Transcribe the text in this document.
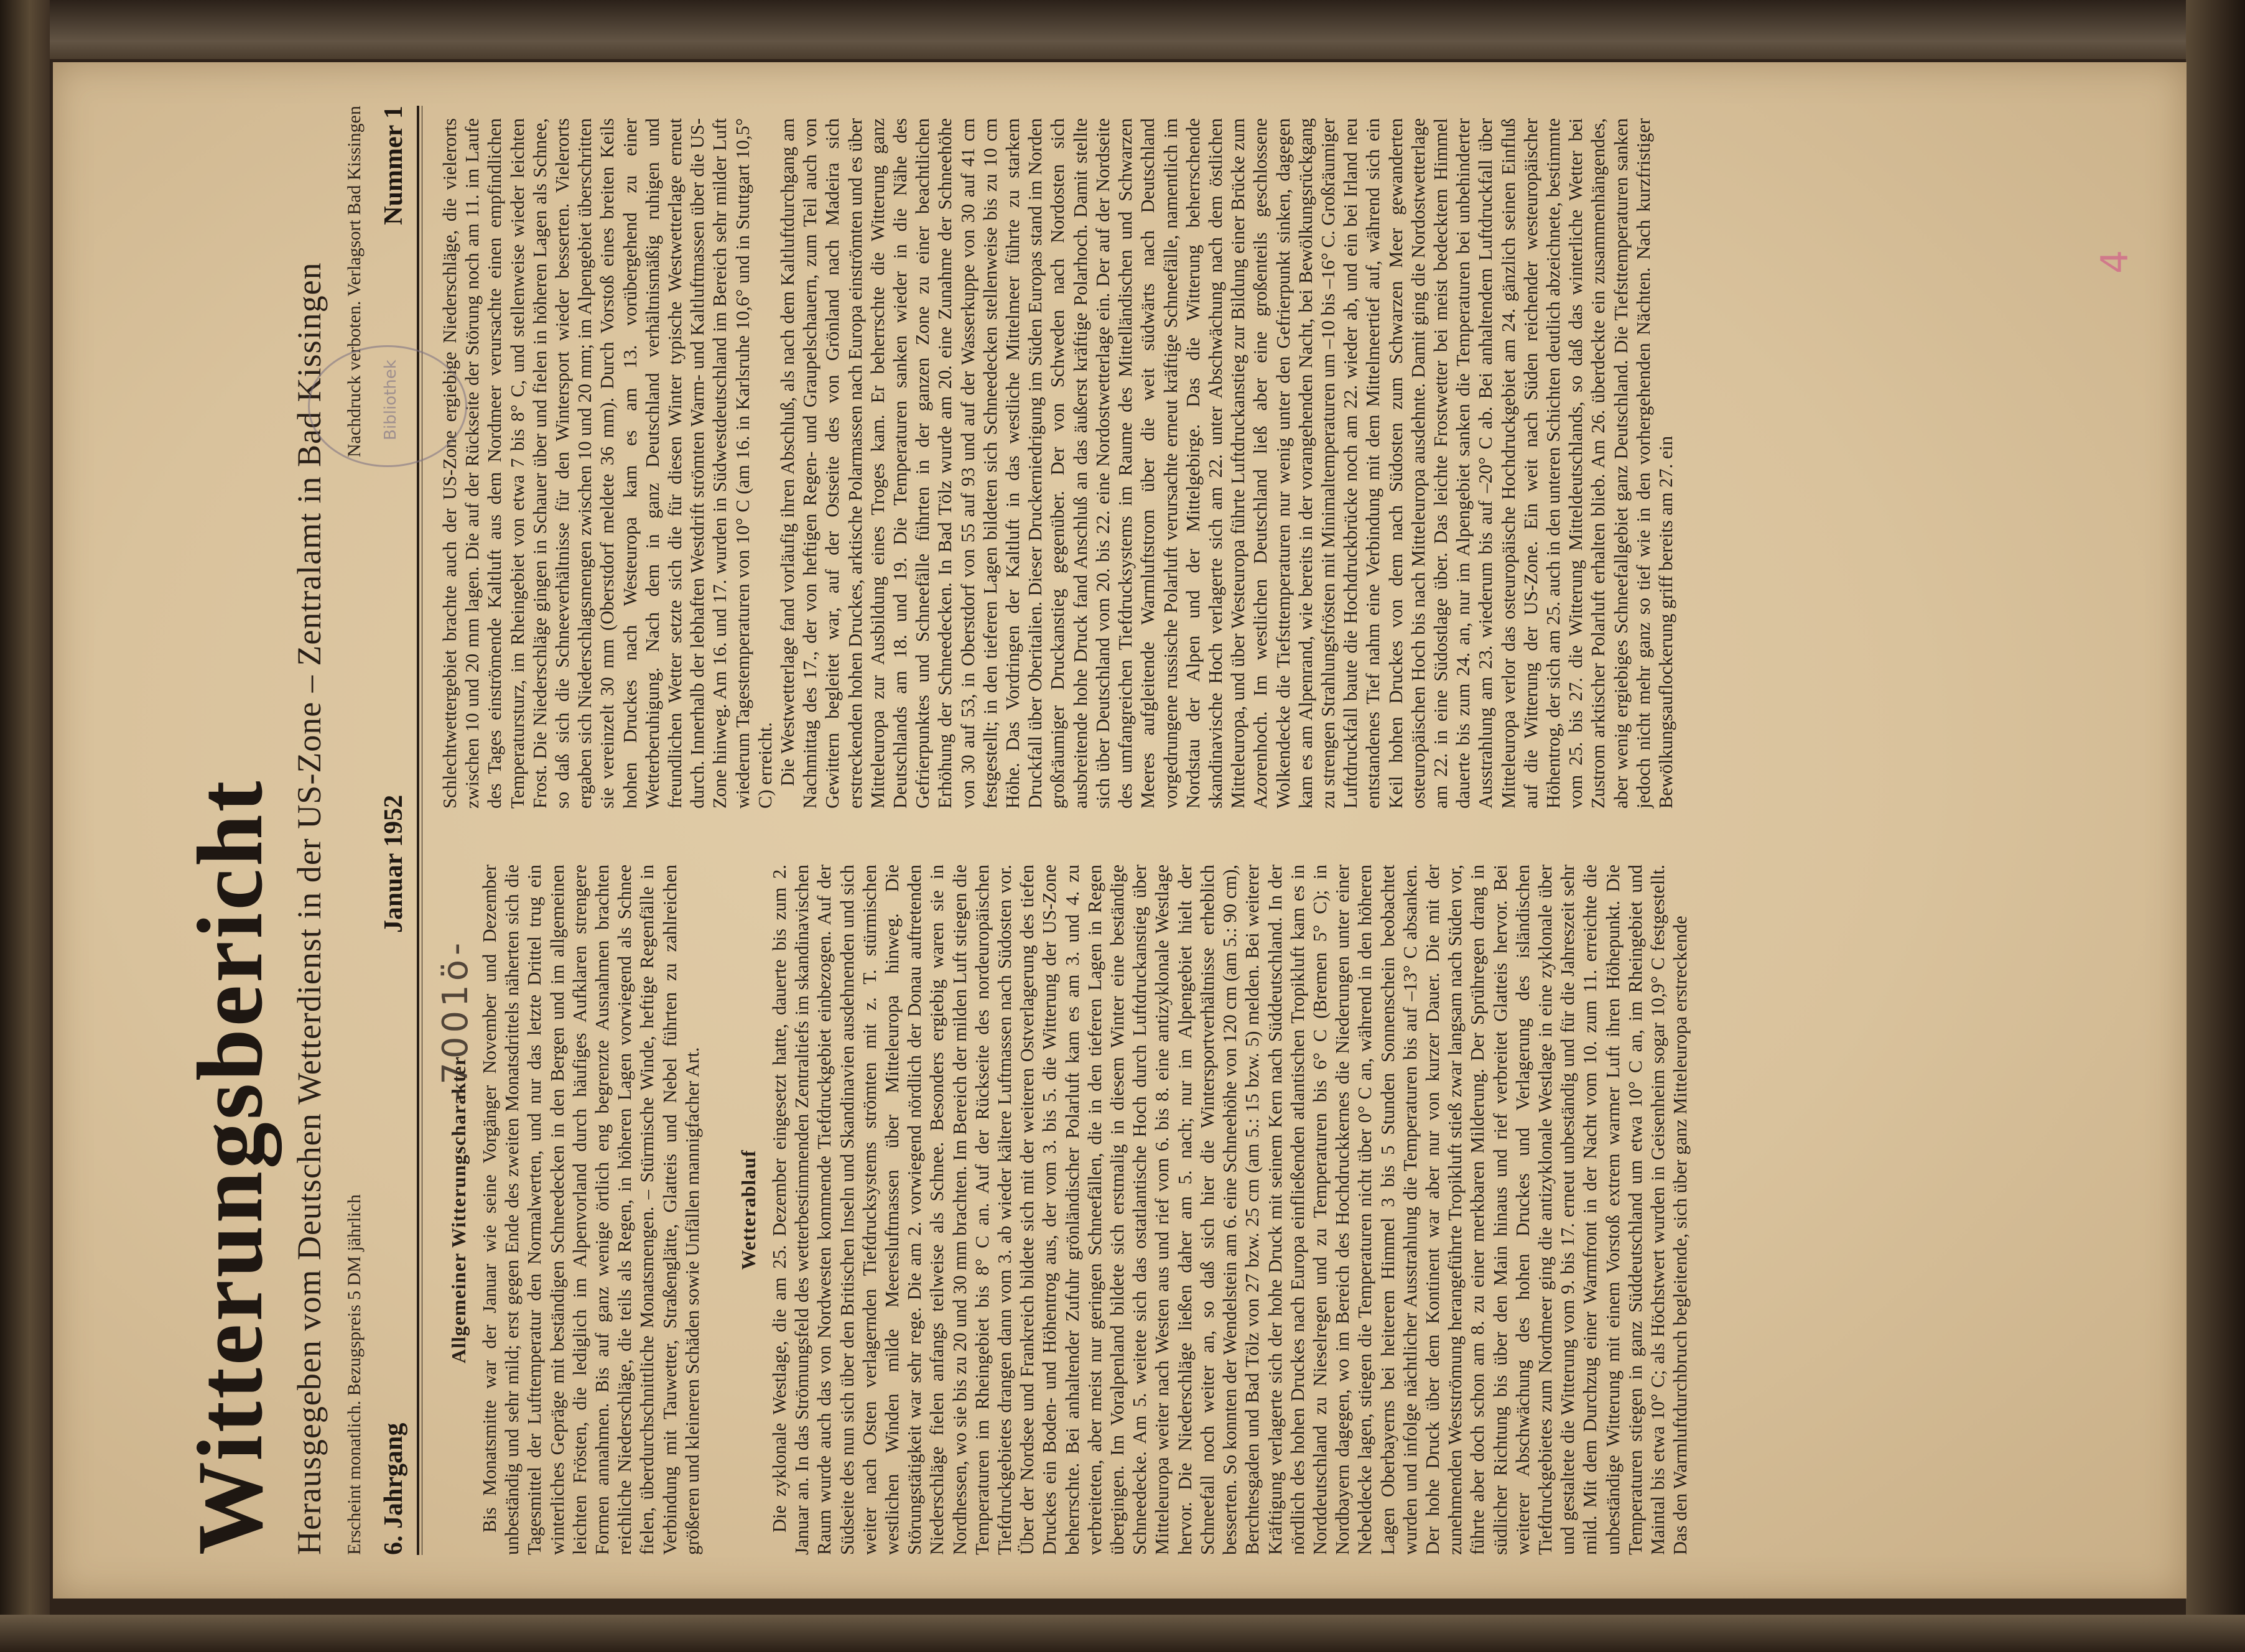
Witterungsbericht Herausgegeben vom Deutschen Wetterdienst in der US-Zone – Zentralamt in Bad Kissingen Erscheint monatlich. Bezugspreis 5 DM jährlich
Nachdruck verboten. Verlagsort Bad Kissingen
6. Jahrgang
Januar 1952
Nummer 1
Allgemeiner Witterungscharakter Bis Monatsmitte war der Januar wie seine Vorgänger November und Dezember unbeständig und sehr mild; erst gegen Ende des zweiten Monatsdrittels näherten sich die Tagesmittel der Lufttemperatur den Normalwerten, und nur das letzte Drittel trug ein winterliches Gepräge mit beständigen Schneedecken in den Bergen und im allgemeinen leichten Frösten, die lediglich im Alpenvorland durch häufiges Aufklaren strengere Formen annahmen. Bis auf ganz wenige örtlich eng begrenzte Ausnahmen brachten reichliche Niederschläge, die teils als Regen, in höheren Lagen vorwiegend als Schnee fielen, überdurchschnittliche Monatsmengen. – Stürmische Winde, heftige Regenfälle in Verbindung mit Tauwetter, Straßenglätte, Glatteis und Nebel führten zu zahlreichen größeren und kleineren Schäden sowie Unfällen mannigfacher Art. Wetterablauf Die zyklonale Westlage, die am 25. Dezember eingesetzt hatte, dauerte bis zum 2. Januar an. In das Strömungsfeld des wetterbestimmenden Zentraltiefs im skandinavischen Raum wurde auch das von Nordwesten kommende Tiefdruckgebiet einbezogen. Auf der Südseite des nun sich über den Britischen Inseln und Skandinavien ausdehnenden und sich weiter nach Osten verlagernden Tiefdrucksystems strömten mit z. T. stürmischen westlichen Winden milde Meeresluftmassen über Mitteleuropa hinweg. Die Störungstätigkeit war sehr rege. Die am 2. vorwiegend nördlich der Donau auftretenden Niederschläge fielen anfangs teilweise als Schnee. Besonders ergiebig waren sie in Nordhessen, wo sie bis zu 20 und 30 mm brachten. Im Bereich der milden Luft stiegen die Temperaturen im Rheingebiet bis 8° C an. Auf der Rückseite des nordeuropäischen Tiefdruckgebietes drangen dann vom 3. ab wieder kältere Luftmassen nach Südosten vor. Über der Nordsee und Frankreich bildete sich mit der weiteren Ostverlagerung des tiefen Druckes ein Boden- und Höhentrog aus, der vom 3. bis 5. die Witterung der US-Zone beherrschte. Bei anhaltender Zufuhr grönländischer Polarluft kam es am 3. und 4. zu verbreiteten, aber meist nur geringen Schneefällen, die in den tieferen Lagen in Regen übergingen. Im Voralpenland bildete sich erstmalig in diesem Winter eine beständige Schneedecke. Am 5. weitete sich das ostatlantische Hoch durch Luftdruckanstieg über Mitteleuropa weiter nach Westen aus und rief vom 6. bis 8. eine antizyklonale Westlage hervor. Die Niederschläge ließen daher am 5. nach; nur im Alpengebiet hielt der Schneefall noch weiter an, so daß sich hier die Wintersportverhältnisse erheblich besserten. So konnten der Wendelstein am 6. eine Schneehöhe von 120 cm (am 5.: 90 cm), Berchtesgaden und Bad Tölz von 27 bzw. 25 cm (am 5.: 15 bzw. 5) melden. Bei weiterer Kräftigung verlagerte sich der hohe Druck mit seinem Kern nach Süddeutschland. In der nördlich des hohen Druckes nach Europa einfließenden atlantischen Tropikluft kam es in Norddeutschland zu Nieselregen und zu Temperaturen bis 6° C (Bremen 5° C); in Nordbayern dagegen, wo im Bereich des Hochdruckkernes die Niederungen unter einer Nebeldecke lagen, stiegen die Temperaturen nicht über 0° C an, während in den höheren Lagen Oberbayerns bei heiterem Himmel 3 bis 5 Stunden Sonnenschein beobachtet wurden und infolge nächtlicher Ausstrahlung die Temperaturen bis auf –13° C absanken. Der hohe Druck über dem Kontinent war aber nur von kurzer Dauer. Die mit der zunehmenden Westströmung herangeführte Tropikluft stieß zwar langsam nach Süden vor, führte aber doch schon am 8. zu einer merkbaren Milderung. Der Sprühregen drang in südlicher Richtung bis über den Main hinaus und rief verbreitet Glatteis hervor. Bei weiterer Abschwächung des hohen Druckes und Verlagerung des isländischen Tiefdruckgebietes zum Nordmeer ging die antizyklonale Westlage in eine zyklonale über und gestaltete die Witterung vom 9. bis 17. erneut unbeständig und für die Jahreszeit sehr mild. Mit dem Durchzug einer Warmfront in der Nacht vom 10. zum 11. erreichte die unbeständige Witterung mit einem Vorstoß extrem warmer Luft ihren Höhepunkt. Die Temperaturen stiegen in ganz Süddeutschland um etwa 10° C an, im Rheingebiet und Maintal bis etwa 10° C; als Höchstwert wurden in Geisenheim sogar 10,9° C festgestellt. Das den Warmluftdurchbruch begleitende, sich über ganz Mitteleuropa erstreckende

Schlechtwettergebiet brachte auch der US-Zone ergiebige Niederschläge, die vielerorts zwischen 10 und 20 mm lagen. Die auf der Rückseite der Störung noch am 11. im Laufe des Tages einströmende Kaltluft aus dem Nordmeer verursachte einen empfindlichen Temperatursturz, im Rheingebiet von etwa 7 bis 8° C, und stellenweise wieder leichten Frost. Die Niederschläge gingen in Schauer über und fielen in höheren Lagen als Schnee, so daß sich die Schneeverhältnisse für den Wintersport wieder besserten. Vielerorts ergaben sich Niederschlagsmengen zwischen 10 und 20 mm; im Alpengebiet überschritten sie vereinzelt 30 mm (Oberstdorf meldete 36 mm). Durch Vorstoß eines breiten Keils hohen Druckes nach Westeuropa kam es am 13. vorübergehend zu einer Wetterberuhigung. Nach dem in ganz Deutschland verhältnismäßig ruhigen und freundlichen Wetter setzte sich die für diesen Winter typische Westwetterlage erneut durch. Innerhalb der lebhaften Westdrift strömten Warm- und Kaltluftmassen über die US-Zone hinweg. Am 16. und 17. wurden in Südwestdeutschland im Bereich sehr milder Luft wiederum Tagestemperaturen von 10° C (am 16. in Karlsruhe 10,6° und in Stuttgart 10,5° C) erreicht. Die Westwetterlage fand vorläufig ihren Abschluß, als nach dem Kaltluftdurchgang am Nachmittag des 17., der von heftigen Regen- und Graupelschauern, zum Teil auch von Gewittern begleitet war, auf der Ostseite des von Grönland nach Madeira sich erstreckenden hohen Druckes, arktische Polarmassen nach Europa einströmten und es über Mitteleuropa zur Ausbildung eines Troges kam. Er beherrschte die Witterung ganz Deutschlands am 18. und 19. Die Temperaturen sanken wieder in die Nähe des Gefrierpunktes und Schneefälle führten in der ganzen Zone zu einer beachtlichen Erhöhung der Schneedecken. In Bad Tölz wurde am 20. eine Zunahme der Schneehöhe von 30 auf 53, in Oberstdorf von 55 auf 93 und auf der Wasserkuppe von 30 auf 41 cm festgestellt; in den tieferen Lagen bildeten sich Schneedecken stellenweise bis zu 10 cm Höhe. Das Vordringen der Kaltluft in das westliche Mittelmeer führte zu starkem Druckfall über Oberitalien. Dieser Druckerniedrigung im Süden Europas stand im Norden großräumiger Druckanstieg gegenüber. Der von Schweden nach Nordosten sich ausbreitende hohe Druck fand Anschluß an das äußerst kräftige Polarhoch. Damit stellte sich über Deutschland vom 20. bis 22. eine Nordostwetterlage ein. Der auf der Nordseite des umfangreichen Tiefdrucksystems im Raume des Mittelländischen und Schwarzen Meeres aufgleitende Warmluftstrom über die weit südwärts nach Deutschland vorgedrungene russische Polarluft verursachte erneut kräftige Schneefälle, namentlich im Nordstau der Alpen und der Mittelgebirge. Das die Witterung beherrschende skandinavische Hoch verlagerte sich am 22. unter Abschwächung nach dem östlichen Mitteleuropa, und über Westeuropa führte Luftdruckanstieg zur Bildung einer Brücke zum Azorenhoch. Im westlichen Deutschland ließ aber eine großenteils geschlossene Wolkendecke die Tiefsttemperaturen nur wenig unter den Gefrierpunkt sinken, dagegen kam es am Alpenrand, wie bereits in der vorangehenden Nacht, bei Bewölkungsrückgang zu strengen Strahlungsfrösten mit Minimaltemperaturen um –10 bis –16° C. Großräumiger Luftdruckfall baute die Hochdruckbrücke noch am 22. wieder ab, und ein bei Irland neu entstandenes Tief nahm eine Verbindung mit dem Mittelmeertief auf, während sich ein Keil hohen Druckes von dem nach Südosten zum Schwarzen Meer gewanderten osteuropäischen Hoch bis nach Mitteleuropa ausdehnte. Damit ging die Nordostwetterlage am 22. in eine Südostlage über. Das leichte Frostwetter bei meist bedecktem Himmel dauerte bis zum 24. an, nur im Alpengebiet sanken die Temperaturen bei unbehinderter Ausstrahlung am 23. wiederum bis auf –20° C ab. Bei anhaltendem Luftdruckfall über Mitteleuropa verlor das osteuropäische Hochdruckgebiet am 24. gänzlich seinen Einfluß auf die Witterung der US-Zone. Ein weit nach Süden reichender westeuropäischer Höhentrog, der sich am 25. auch in den unteren Schichten deutlich abzeichnete, bestimmte vom 25. bis 27. die Witterung Mitteldeutschlands, so daß das winterliche Wetter bei Zustrom arktischer Polarluft erhalten blieb. Am 26. überdeckte ein zusammenhängendes, aber wenig ergiebiges Schneefallgebiet ganz Deutschland. Die Tiefsttemperaturen sanken jedoch nicht mehr ganz so tief wie in den vorhergehenden Nächten. Nach kurzfristiger Bewölkungsauflockerung griff bereits am 27. ein

Bibliothek
-7001ö-
4
